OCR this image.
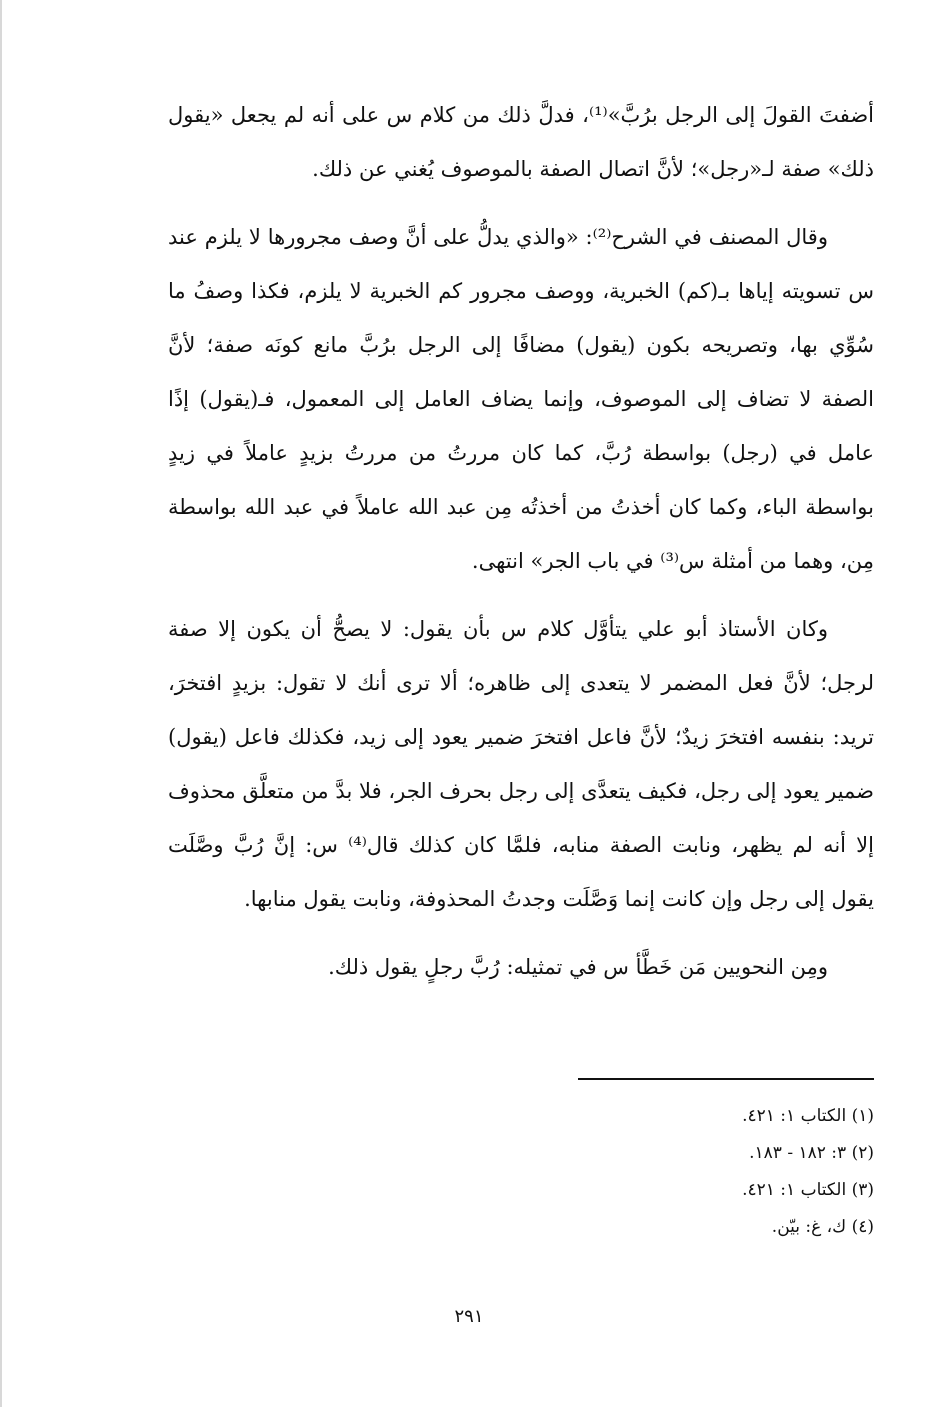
أضفتَ القولَ إلى الرجل برُبَّ»⁽¹⁾، فدلَّ ذلك من كلام س على أنه لم يجعل «يقول ذلك» صفة لـ«رجل»؛ لأنَّ اتصال الصفة بالموصوف يُغني عن ذلك.

وقال المصنف في الشرح⁽²⁾: «والذي يدلُّ على أنَّ وصف مجرورها لا يلزم عند س تسويته إياها بـ(كم) الخبرية، ووصف مجرور كم الخبرية لا يلزم، فكذا وصفُ ما سُوِّي بها، وتصريحه بكون (يقول) مضافًا إلى الرجل برُبَّ مانع كونَه صفة؛ لأنَّ الصفة لا تضاف إلى الموصوف، وإنما يضاف العامل إلى المعمول، فـ(يقول) إذًا عامل في (رجل) بواسطة رُبَّ، كما كان مررتُ من مررتُ بزيدٍ عاملاً في زيدٍ بواسطة الباء، وكما كان أخذتُ من أخذتُه مِن عبد الله عاملاً في عبد الله بواسطة مِن، وهما من أمثلة س⁽³⁾ في باب الجر» انتهى.

وكان الأستاذ أبو علي يتأوَّل كلام س بأن يقول: لا يصحُّ أن يكون إلا صفة لرجل؛ لأنَّ فعل المضمر لا يتعدى إلى ظاهره؛ ألا ترى أنك لا تقول: بزيدٍ افتخرَ، تريد: بنفسه افتخرَ زيدٌ؛ لأنَّ فاعل افتخرَ ضمير يعود إلى زيد، فكذلك فاعل (يقول) ضمير يعود إلى رجل، فكيف يتعدَّى إلى رجل بحرف الجر، فلا بدَّ من متعلَّق محذوف إلا أنه لم يظهر، ونابت الصفة منابه، فلمَّا كان كذلك قال⁽⁴⁾ س: إنَّ رُبَّ وصَّلَت يقول إلى رجل وإن كانت إنما وَصَّلَت وجدتُ المحذوفة، ونابت يقول منابها.

ومِن النحويين مَن خَطَّأ س في تمثيله: رُبَّ رجلٍ يقول ذلك.

(١) الكتاب ١: ٤٢١.

(٢) ٣: ١٨٢ - ١٨٣.

(٣) الكتاب ١: ٤٢١.

(٤) ك، غ: بيّن.

٢٩١
